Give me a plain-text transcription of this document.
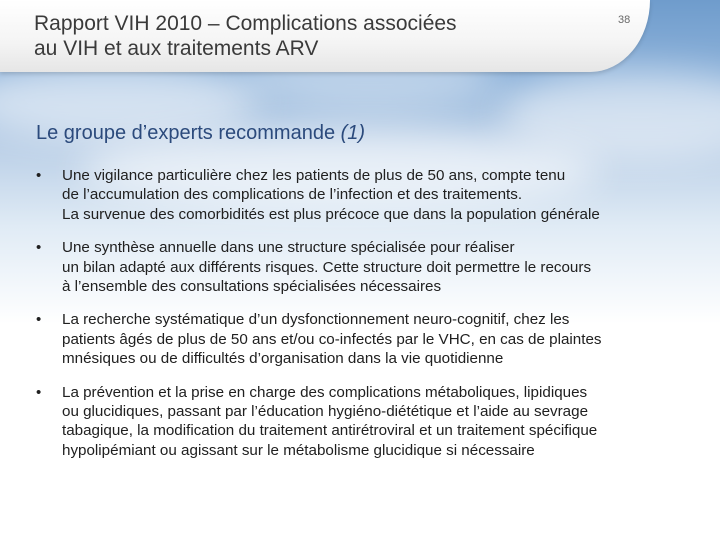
Rapport VIH 2010 – Complications associées
au VIH et aux traitements ARV
38
Le groupe d’experts recommande (1)
• Une vigilance particulière chez les patients de plus de 50 ans, compte tenu
de l’accumulation des complications de l’infection et des traitements.
La survenue des comorbidités est plus précoce que dans la population générale
• Une synthèse annuelle dans une structure spécialisée pour réaliser
un bilan adapté aux différents risques. Cette structure doit permettre le recours
à l’ensemble des consultations spécialisées nécessaires
• La recherche systématique d’un dysfonctionnement neuro-cognitif, chez les
patients âgés de plus de 50 ans et/ou co-infectés par le VHC, en cas de plaintes
mnésiques ou de difficultés d’organisation dans la vie quotidienne
• La prévention et la prise en charge des complications métaboliques, lipidiques
ou glucidiques, passant par l’éducation hygiéno-diététique et l’aide au sevrage
tabagique, la modification du traitement antirétroviral et un traitement spécifique
hypolipémiant ou agissant sur le métabolisme glucidique si nécessaire
